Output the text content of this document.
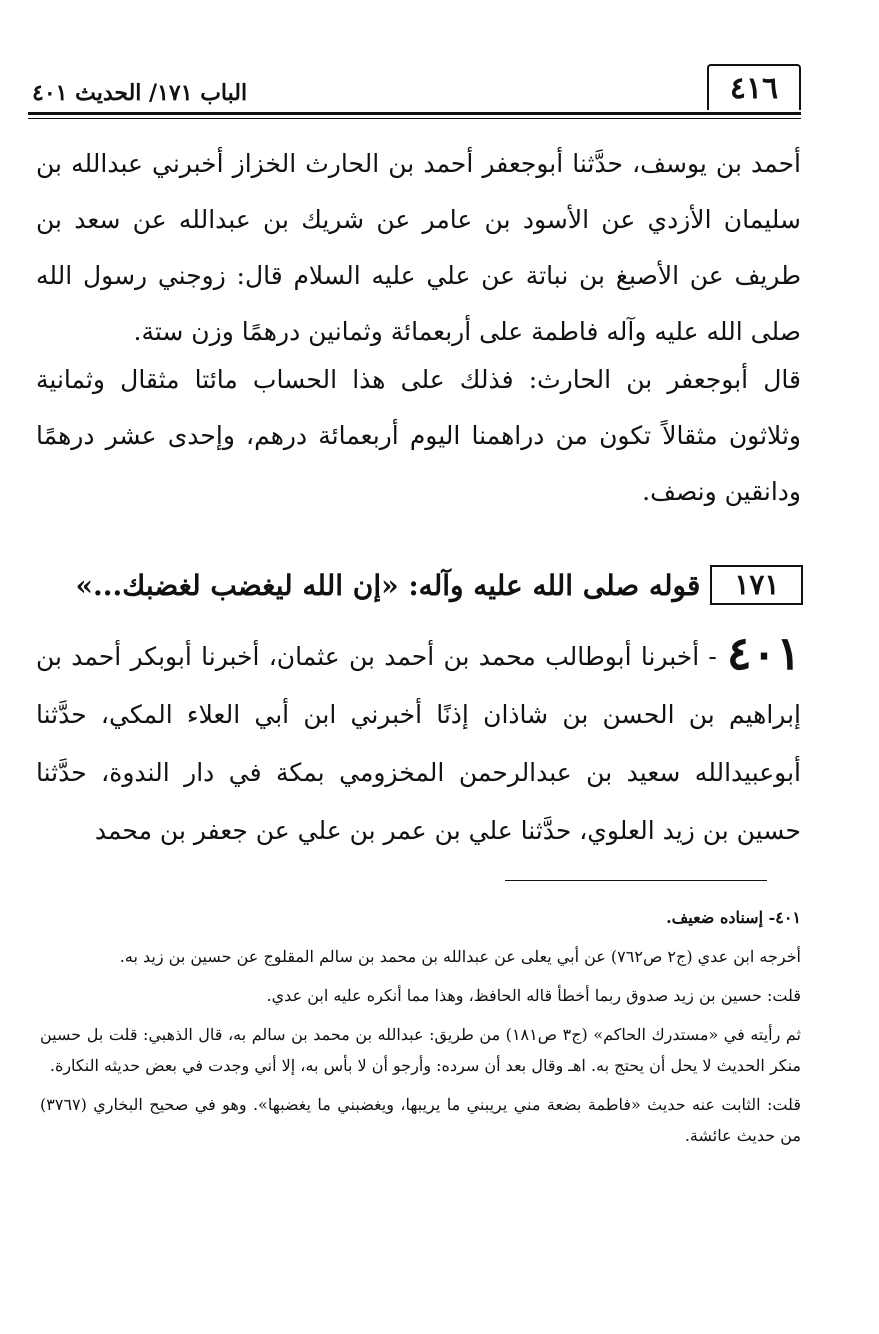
٤١٦
الباب ١٧١/ الحديث ٤٠١
أحمد بن يوسف، حدَّثنا أبوجعفر أحمد بن الحارث الخزاز أخبرني عبدالله بن سليمان الأزدي عن الأسود بن عامر عن شريك بن عبدالله عن سعد بن طريف عن الأصبغ بن نباتة عن علي عليه السلام قال: زوجني رسول الله صلى الله عليه وآله فاطمة على أربعمائة وثمانين درهمًا وزن ستة.
قال أبوجعفر بن الحارث: فذلك على هذا الحساب مائتا مثقال وثمانية وثلاثون مثقالاً تكون من دراهمنا اليوم أربعمائة درهم، وإحدى عشر درهمًا ودانقين ونصف.
١٧١
قوله صلى الله عليه وآله: «إن الله ليغضب لغضبك...»
٤٠١- أخبرنا أبوطالب محمد بن أحمد بن عثمان، أخبرنا أبوبكر أحمد بن إبراهيم بن الحسن بن شاذان إذنًا أخبرني ابن أبي العلاء المكي، حدَّثنا أبوعبيدالله سعيد بن عبدالرحمن المخزومي بمكة في دار الندوة، حدَّثنا حسين بن زيد العلوي، حدَّثنا علي بن عمر بن علي عن جعفر بن محمد
٤٠١- إسناده ضعيف.
أخرجه ابن عدي (ج٢ ص٧٦٢) عن أبي يعلى عن عبدالله بن محمد بن سالم المقلوج عن حسين بن زيد به.
قلت: حسين بن زيد صدوق ربما أخطأ قاله الحافظ، وهذا مما أنكره عليه ابن عدي.
ثم رأيته في «مستدرك الحاكم» (ج٣ ص١٨١) من طريق: عبدالله بن محمد بن سالم به، قال الذهبي: قلت بل حسين منكر الحديث لا يحل أن يحتج به. اهـ وقال بعد أن سرده: وأرجو أن لا بأس به، إلا أني وجدت في بعض حديثه النكارة.
قلت: الثابت عنه حديث «فاطمة بضعة مني يريبني ما يريبها، ويغضبني ما يغضبها». وهو في صحيح البخاري (٣٧٦٧) من حديث عائشة.
